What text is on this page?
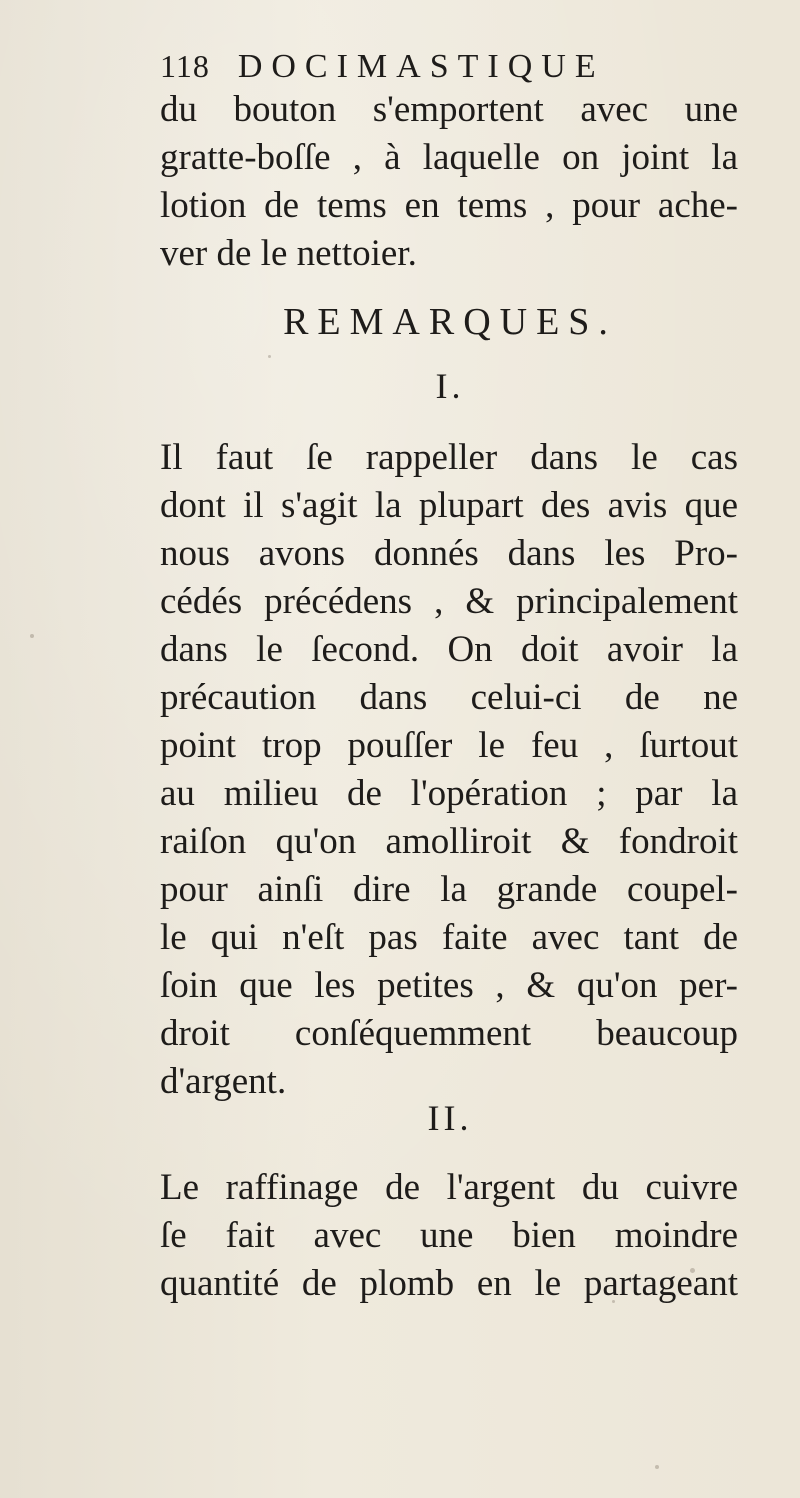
118 DOCIMASTIQUE
du bouton s'emportent avec une
gratte-boſſe , à laquelle on joint la
lotion de tems en tems , pour ache-
ver de le nettoier.
REMARQUES.
I.
Il faut ſe rappeller dans le cas
dont il s'agit la plupart des avis que
nous avons donnés dans les Pro-
cédés précédens , & principalement
dans le ſecond. On doit avoir la
précaution dans celui-ci de ne
point trop pouſſer le feu , ſurtout
au milieu de l'opération ; par la
raiſon qu'on amolliroit & fondroit
pour ainſi dire la grande coupel-
le qui n'eſt pas faite avec tant de
ſoin que les petites , & qu'on per-
droit conſéquemment beaucoup
d'argent.
II.
Le raffinage de l'argent du cuivre
ſe fait avec une bien moindre
quantité de plomb en le partageant
